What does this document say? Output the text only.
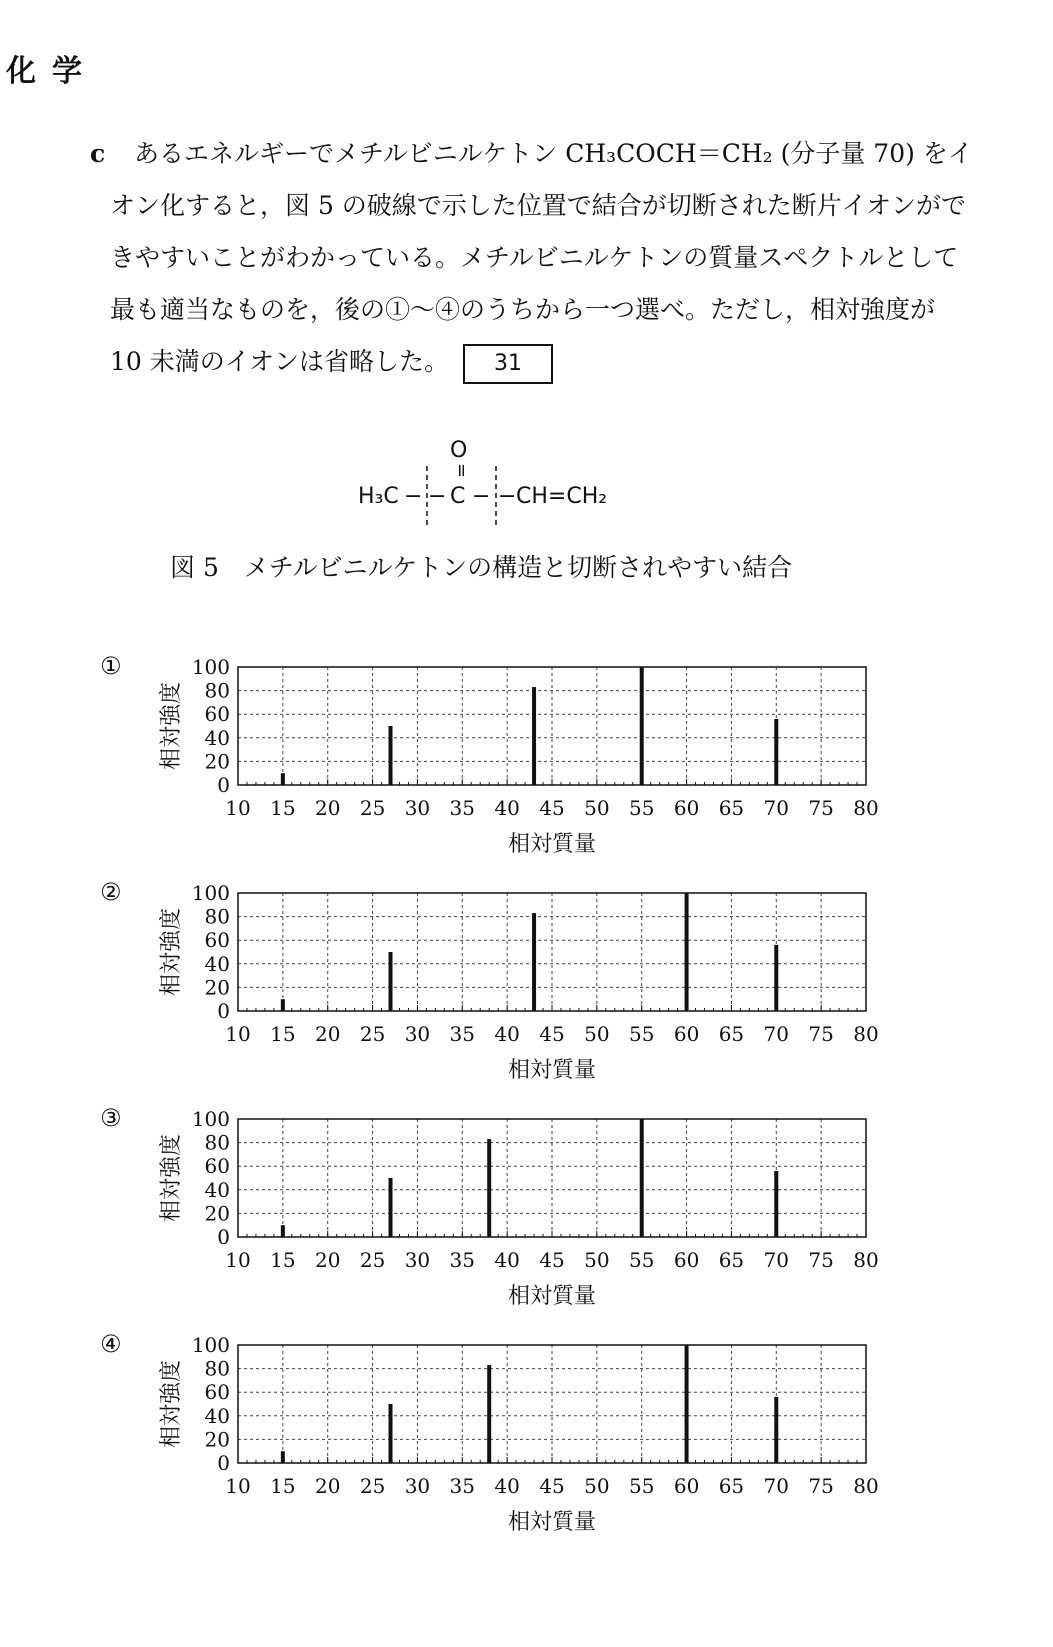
化学
c あるエネルギーでメチルビニルケトン CH₃COCH＝CH₂ (分子量 70) をイ
オン化すると，図 5 の破線で示した位置で結合が切断された断片イオンがで
きやすいことがわかっている。メチルビニルケトンの質量スペクトルとして
最も適当なものを，後の①〜④のうちから一つ選べ。ただし，相対強度が
10 未満のイオンは省略した。 31
O
=
H₃C − − C − − CH=CH₂
図 5　メチルビニルケトンの構造と切断されやすい結合
①
0
20
40
60
80
100
10 15 20 25 30 35 40 45 50 55 60 65 70 75 80
相対質量
相対強度
②
0
20
40
60
80
100
10 15 20 25 30 35 40 45 50 55 60 65 70 75 80
相対質量
相対強度
③
0
20
40
60
80
100
10 15 20 25 30 35 40 45 50 55 60 65 70 75 80
相対質量
相対強度
④
0
20
40
60
80
100
10 15 20 25 30 35 40 45 50 55 60 65 70 75 80
相対質量
相対強度
